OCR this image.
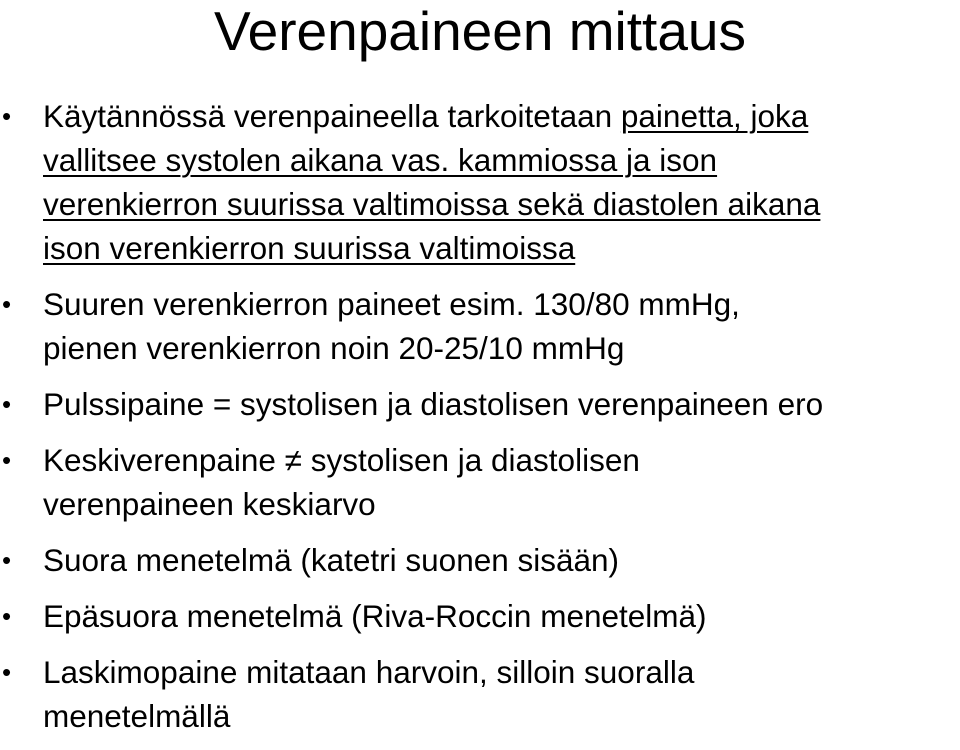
Verenpaineen mittaus
• Käytännössä verenpaineella tarkoitetaan painetta, joka
vallitsee systolen aikana vas. kammiossa ja ison
verenkierron suurissa valtimoissa sekä diastolen aikana
ison verenkierron suurissa valtimoissa
• Suuren verenkierron paineet esim. 130/80 mmHg,
pienen verenkierron noin 20-25/10 mmHg
• Pulssipaine = systolisen ja diastolisen verenpaineen ero
• Keskiverenpaine ≠ systolisen ja diastolisen
verenpaineen keskiarvo
• Suora menetelmä (katetri suonen sisään)
• Epäsuora menetelmä (Riva-Roccin menetelmä)
• Laskimopaine mitataan harvoin, silloin suoralla
menetelmällä
